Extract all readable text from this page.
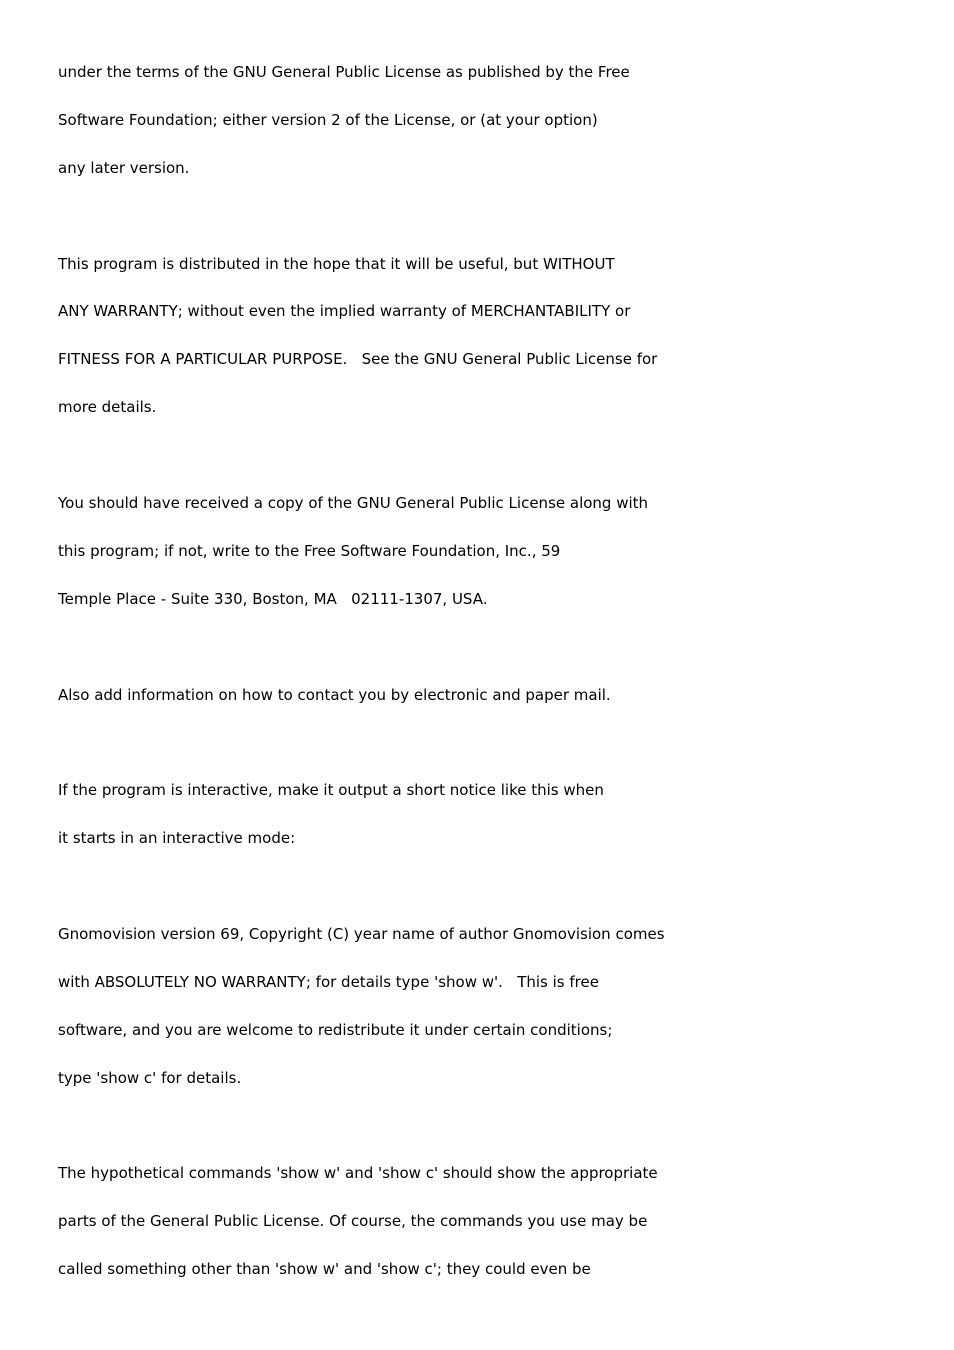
under the terms of the GNU General Public License as published by the Free
Software Foundation; either version 2 of the License, or (at your option)
any later version.
This program is distributed in the hope that it will be useful, but WITHOUT
ANY WARRANTY; without even the implied warranty of MERCHANTABILITY or
FITNESS FOR A PARTICULAR PURPOSE.   See the GNU General Public License for
more details.
You should have received a copy of the GNU General Public License along with
this program; if not, write to the Free Software Foundation, Inc., 59
Temple Place - Suite 330, Boston, MA   02111-1307, USA.
Also add information on how to contact you by electronic and paper mail.
If the program is interactive, make it output a short notice like this when
it starts in an interactive mode:
Gnomovision version 69, Copyright (C) year name of author Gnomovision comes
with ABSOLUTELY NO WARRANTY; for details type 'show w'.   This is free
software, and you are welcome to redistribute it under certain conditions;
type 'show c' for details.
The hypothetical commands 'show w' and 'show c' should show the appropriate
parts of the General Public License. Of course, the commands you use may be
called something other than 'show w' and 'show c'; they could even be
